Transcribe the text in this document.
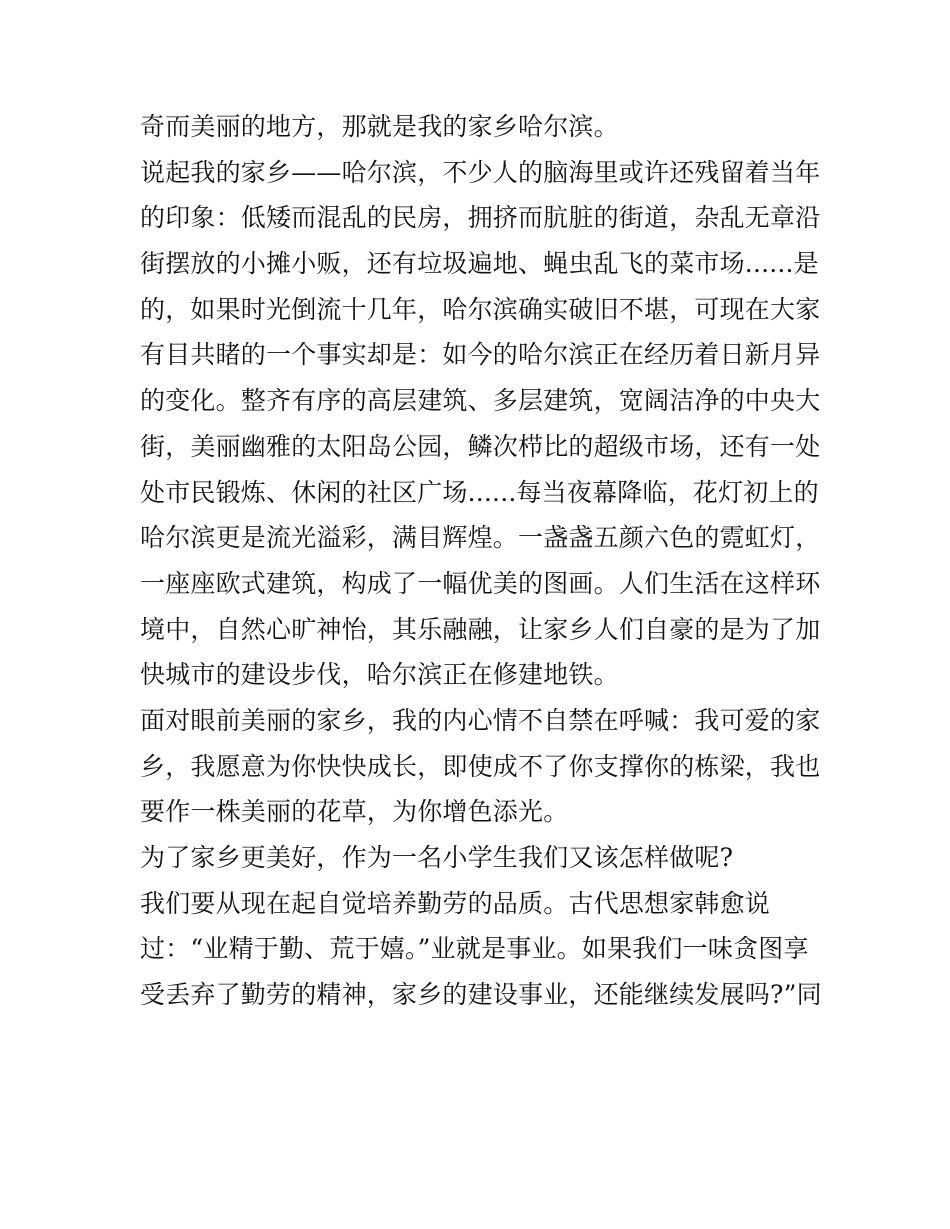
奇而美丽的地方，那就是我的家乡哈尔滨。
说起我的家乡——哈尔滨，不少人的脑海里或许还残留着当年
的印象：低矮而混乱的民房，拥挤而肮脏的街道，杂乱无章沿
街摆放的小摊小贩，还有垃圾遍地、蝇虫乱飞的菜市场......是
的，如果时光倒流十几年，哈尔滨确实破旧不堪，可现在大家
有目共睹的一个事实却是：如今的哈尔滨正在经历着日新月异
的变化。整齐有序的高层建筑、多层建筑，宽阔洁净的中央大
街，美丽幽雅的太阳岛公园，鳞次栉比的超级市场，还有一处
处市民锻炼、休闲的社区广场......每当夜幕降临，花灯初上的
哈尔滨更是流光溢彩，满目辉煌。一盏盏五颜六色的霓虹灯，
一座座欧式建筑，构成了一幅优美的图画。人们生活在这样环
境中，自然心旷神怡，其乐融融，让家乡人们自豪的是为了加
快城市的建设步伐，哈尔滨正在修建地铁。
面对眼前美丽的家乡，我的内心情不自禁在呼喊：我可爱的家
乡，我愿意为你快快成长，即使成不了你支撑你的栋梁，我也
要作一株美丽的花草，为你增色添光。
为了家乡更美好，作为一名小学生我们又该怎样做呢?
我们要从现在起自觉培养勤劳的品质。古代思想家韩愈说
过：“业精于勤、荒于嬉。”业就是事业。如果我们一味贪图享
受丢弃了勤劳的精神，家乡的建设事业，还能继续发展吗?”同
